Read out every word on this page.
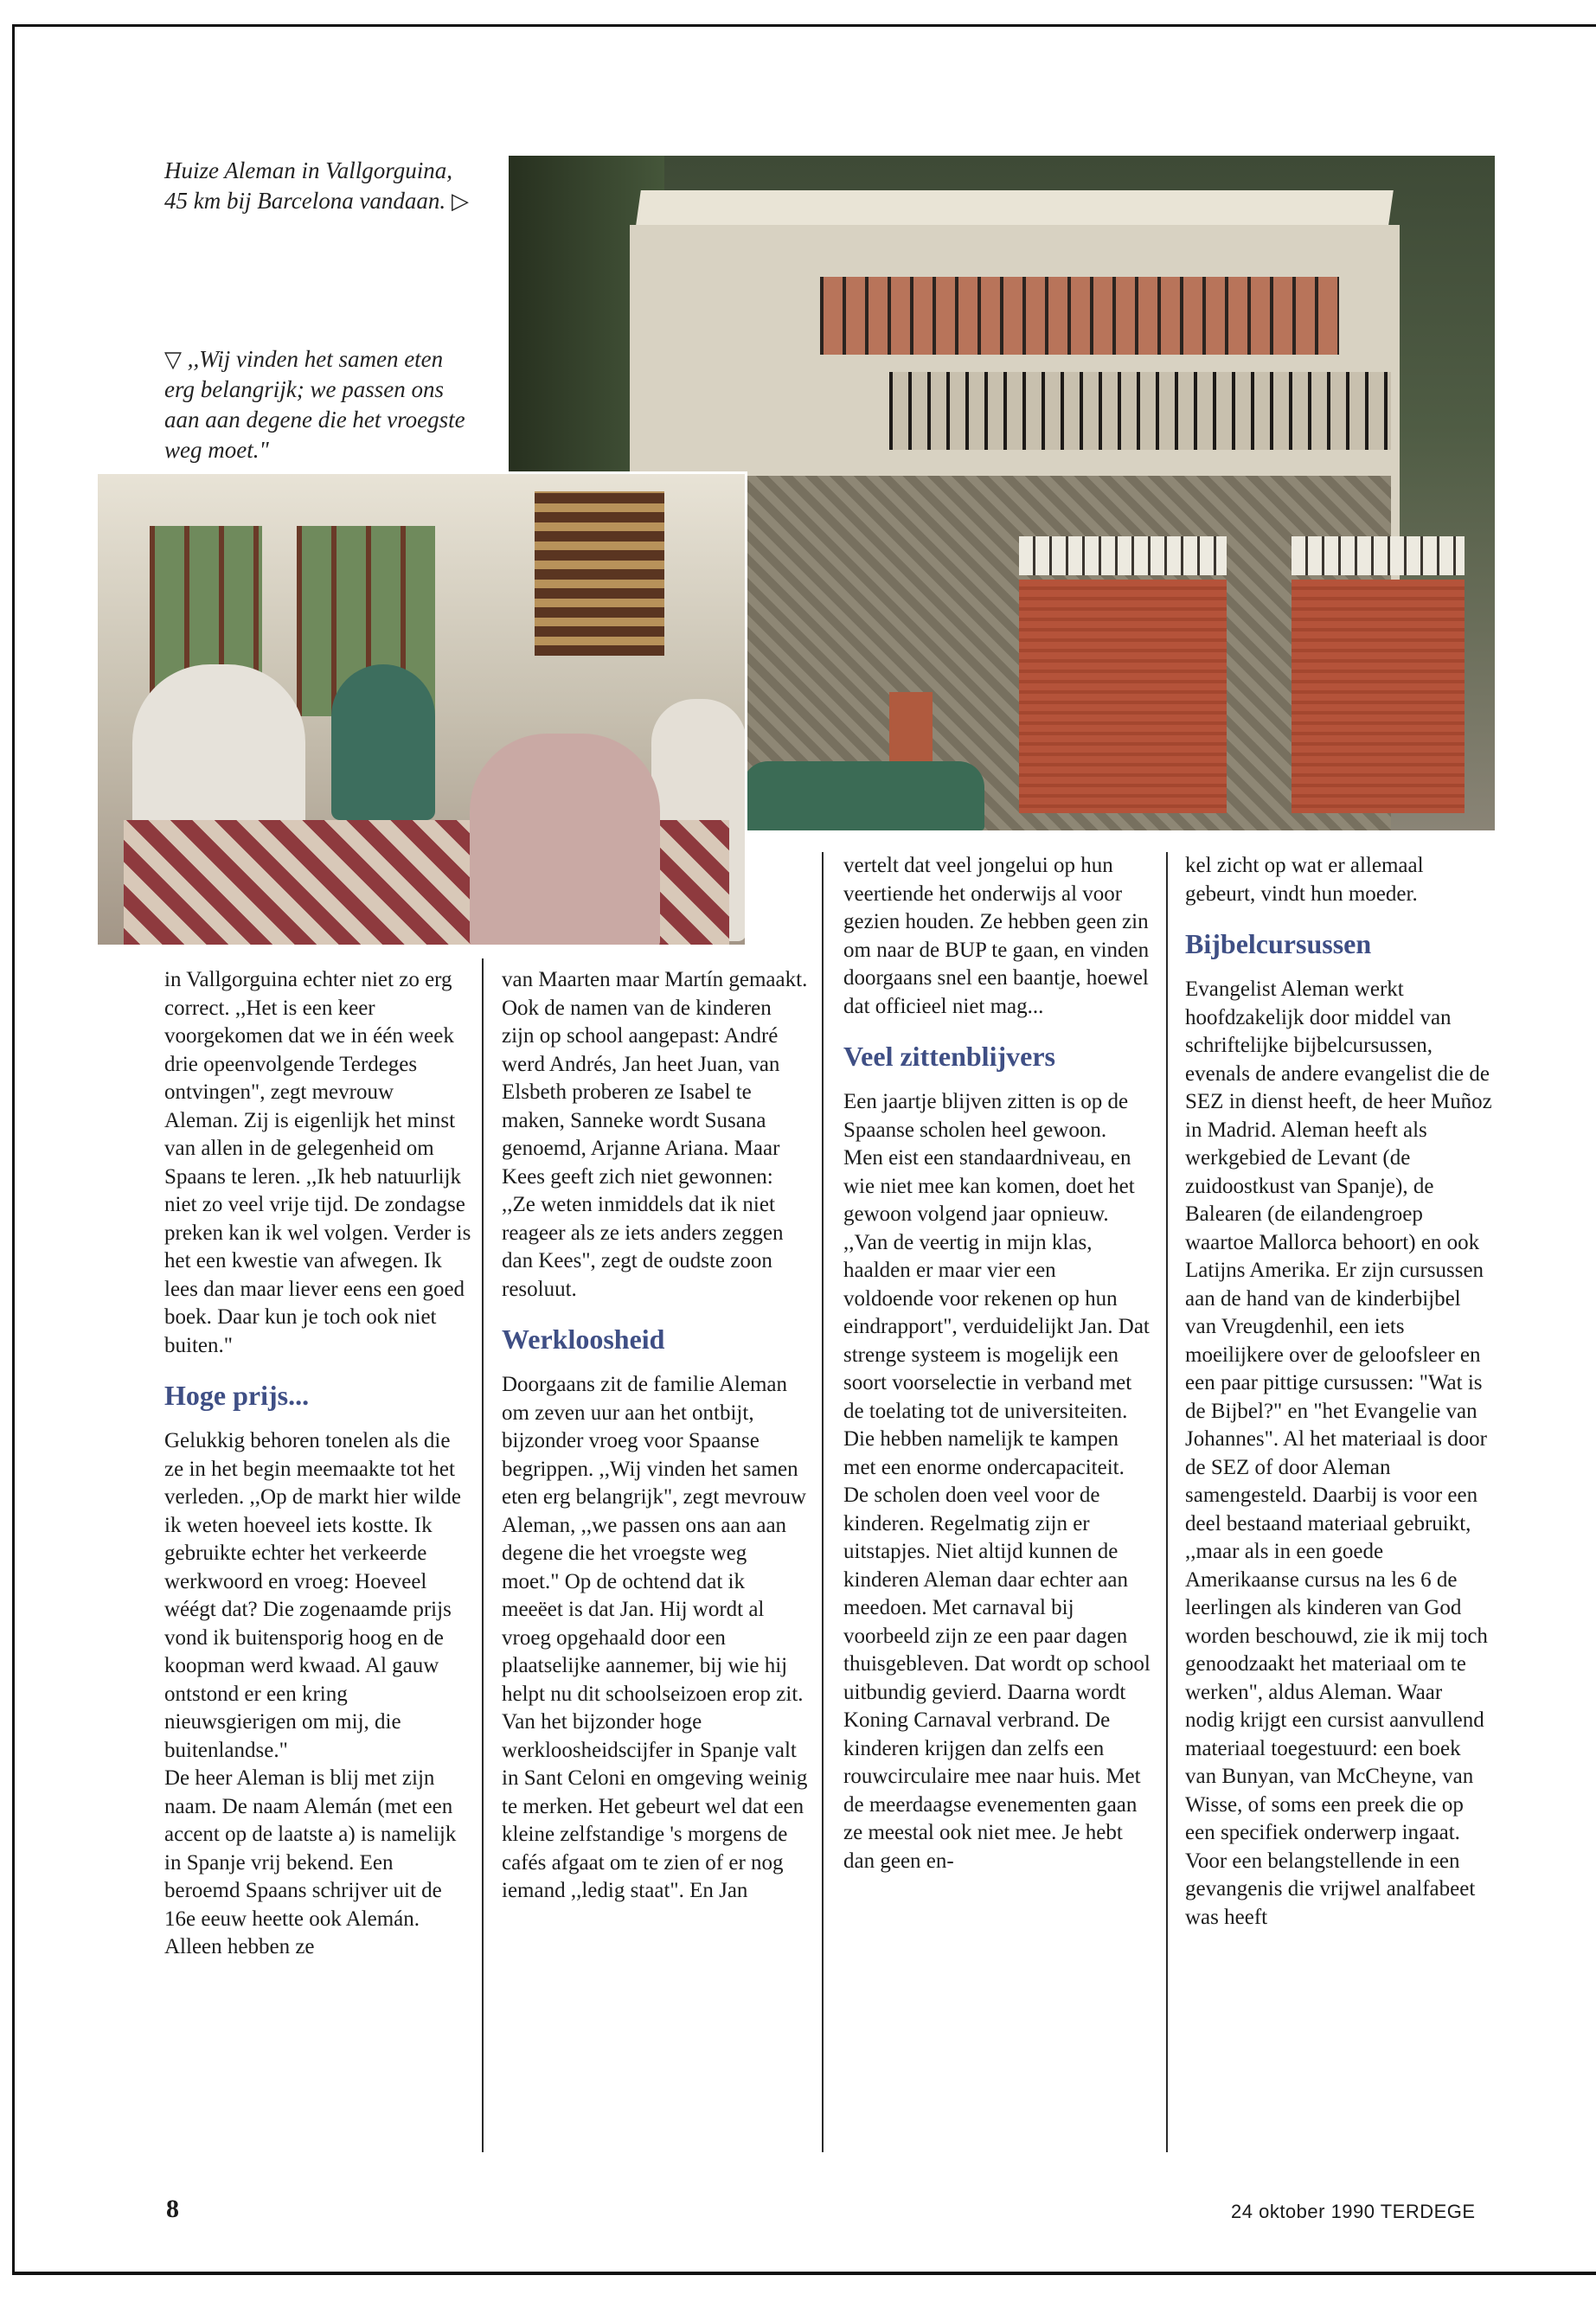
Huize Aleman in Vallgorguina, 45 km bij Barcelona vandaan. ▷
▽ ,,Wij vinden het samen eten erg belangrijk; we passen ons aan aan degene die het vroegste weg moet."

in Vallgorguina echter niet zo erg correct. ,,Het is een keer voorgekomen dat we in één week drie opeenvolgende Terdeges ontvingen", zegt mevrouw Aleman. Zij is eigenlijk het minst van allen in de gelegenheid om Spaans te leren. ,,Ik heb natuurlijk niet zo veel vrije tijd. De zondagse preken kan ik wel volgen. Verder is het een kwestie van afwegen. Ik lees dan maar liever eens een goed boek. Daar kun je toch ook niet buiten."

Hoge prijs...

Gelukkig behoren tonelen als die ze in het begin meemaakte tot het verleden. ,,Op de markt hier wilde ik weten hoeveel iets kostte. Ik gebruikte echter het verkeerde werkwoord en vroeg: Hoeveel wéégt dat? Die zogenaamde prijs vond ik buitensporig hoog en de koopman werd kwaad. Al gauw ontstond er een kring nieuwsgierigen om mij, die buitenlandse."

De heer Aleman is blij met zijn naam. De naam Alemán (met een accent op de laatste a) is namelijk in Spanje vrij bekend. Een beroemd Spaans schrijver uit de 16e eeuw heette ook Alemán. Alleen hebben ze

van Maarten maar Martín gemaakt. Ook de namen van de kinderen zijn op school aangepast: André werd Andrés, Jan heet Juan, van Elsbeth proberen ze Isabel te maken, Sanneke wordt Susana genoemd, Arjanne Ariana. Maar Kees geeft zich niet gewonnen: ,,Ze weten inmiddels dat ik niet reageer als ze iets anders zeggen dan Kees", zegt de oudste zoon resoluut.

Werkloosheid

Doorgaans zit de familie Aleman om zeven uur aan het ontbijt, bijzonder vroeg voor Spaanse begrippen. ,,Wij vinden het samen eten erg belangrijk", zegt mevrouw Aleman, ,,we passen ons aan aan degene die het vroegste weg moet." Op de ochtend dat ik meeëet is dat Jan. Hij wordt al vroeg opgehaald door een plaatselijke aannemer, bij wie hij helpt nu dit schoolseizoen erop zit. Van het bijzonder hoge werkloosheidscijfer in Spanje valt in Sant Celoni en omgeving weinig te merken. Het gebeurt wel dat een kleine zelfstandige 's morgens de cafés afgaat om te zien of er nog iemand ,,ledig staat". En Jan

vertelt dat veel jongelui op hun veertiende het onderwijs al voor gezien houden. Ze hebben geen zin om naar de BUP te gaan, en vinden doorgaans snel een baantje, hoewel dat officieel niet mag...

Veel zittenblijvers

Een jaartje blijven zitten is op de Spaanse scholen heel gewoon. Men eist een standaardniveau, en wie niet mee kan komen, doet het gewoon volgend jaar opnieuw. ,,Van de veertig in mijn klas, haalden er maar vier een voldoende voor rekenen op hun eindrapport", verduidelijkt Jan. Dat strenge systeem is mogelijk een soort voorselectie in verband met de toelating tot de universiteiten. Die hebben namelijk te kampen met een enorme ondercapaciteit.

De scholen doen veel voor de kinderen. Regelmatig zijn er uitstapjes. Niet altijd kunnen de kinderen Aleman daar echter aan meedoen. Met carnaval bij voorbeeld zijn ze een paar dagen thuisgebleven. Dat wordt op school uitbundig gevierd. Daarna wordt Koning Carnaval verbrand. De kinderen krijgen dan zelfs een rouwcirculaire mee naar huis. Met de meerdaagse evenementen gaan ze meestal ook niet mee. Je hebt dan geen en-

kel zicht op wat er allemaal gebeurt, vindt hun moeder.

Bijbelcursussen

Evangelist Aleman werkt hoofdzakelijk door middel van schriftelijke bijbelcursussen, evenals de andere evangelist die de SEZ in dienst heeft, de heer Muñoz in Madrid. Aleman heeft als werkgebied de Levant (de zuidoostkust van Spanje), de Balearen (de eilandengroep waartoe Mallorca behoort) en ook Latijns Amerika. Er zijn cursussen aan de hand van de kinderbijbel van Vreugdenhil, een iets moeilijkere over de geloofsleer en een paar pittige cursussen: "Wat is de Bijbel?" en "het Evangelie van Johannes". Al het materiaal is door de SEZ of door Aleman samengesteld. Daarbij is voor een deel bestaand materiaal gebruikt, ,,maar als in een goede Amerikaanse cursus na les 6 de leerlingen als kinderen van God worden beschouwd, zie ik mij toch genoodzaakt het materiaal om te werken", aldus Aleman. Waar nodig krijgt een cursist aanvullend materiaal toegestuurd: een boek van Bunyan, van McCheyne, van Wisse, of soms een preek die op een specifiek onderwerp ingaat. Voor een belangstellende in een gevangenis die vrijwel analfabeet was heeft

8	24 oktober 1990 TERDEGE
